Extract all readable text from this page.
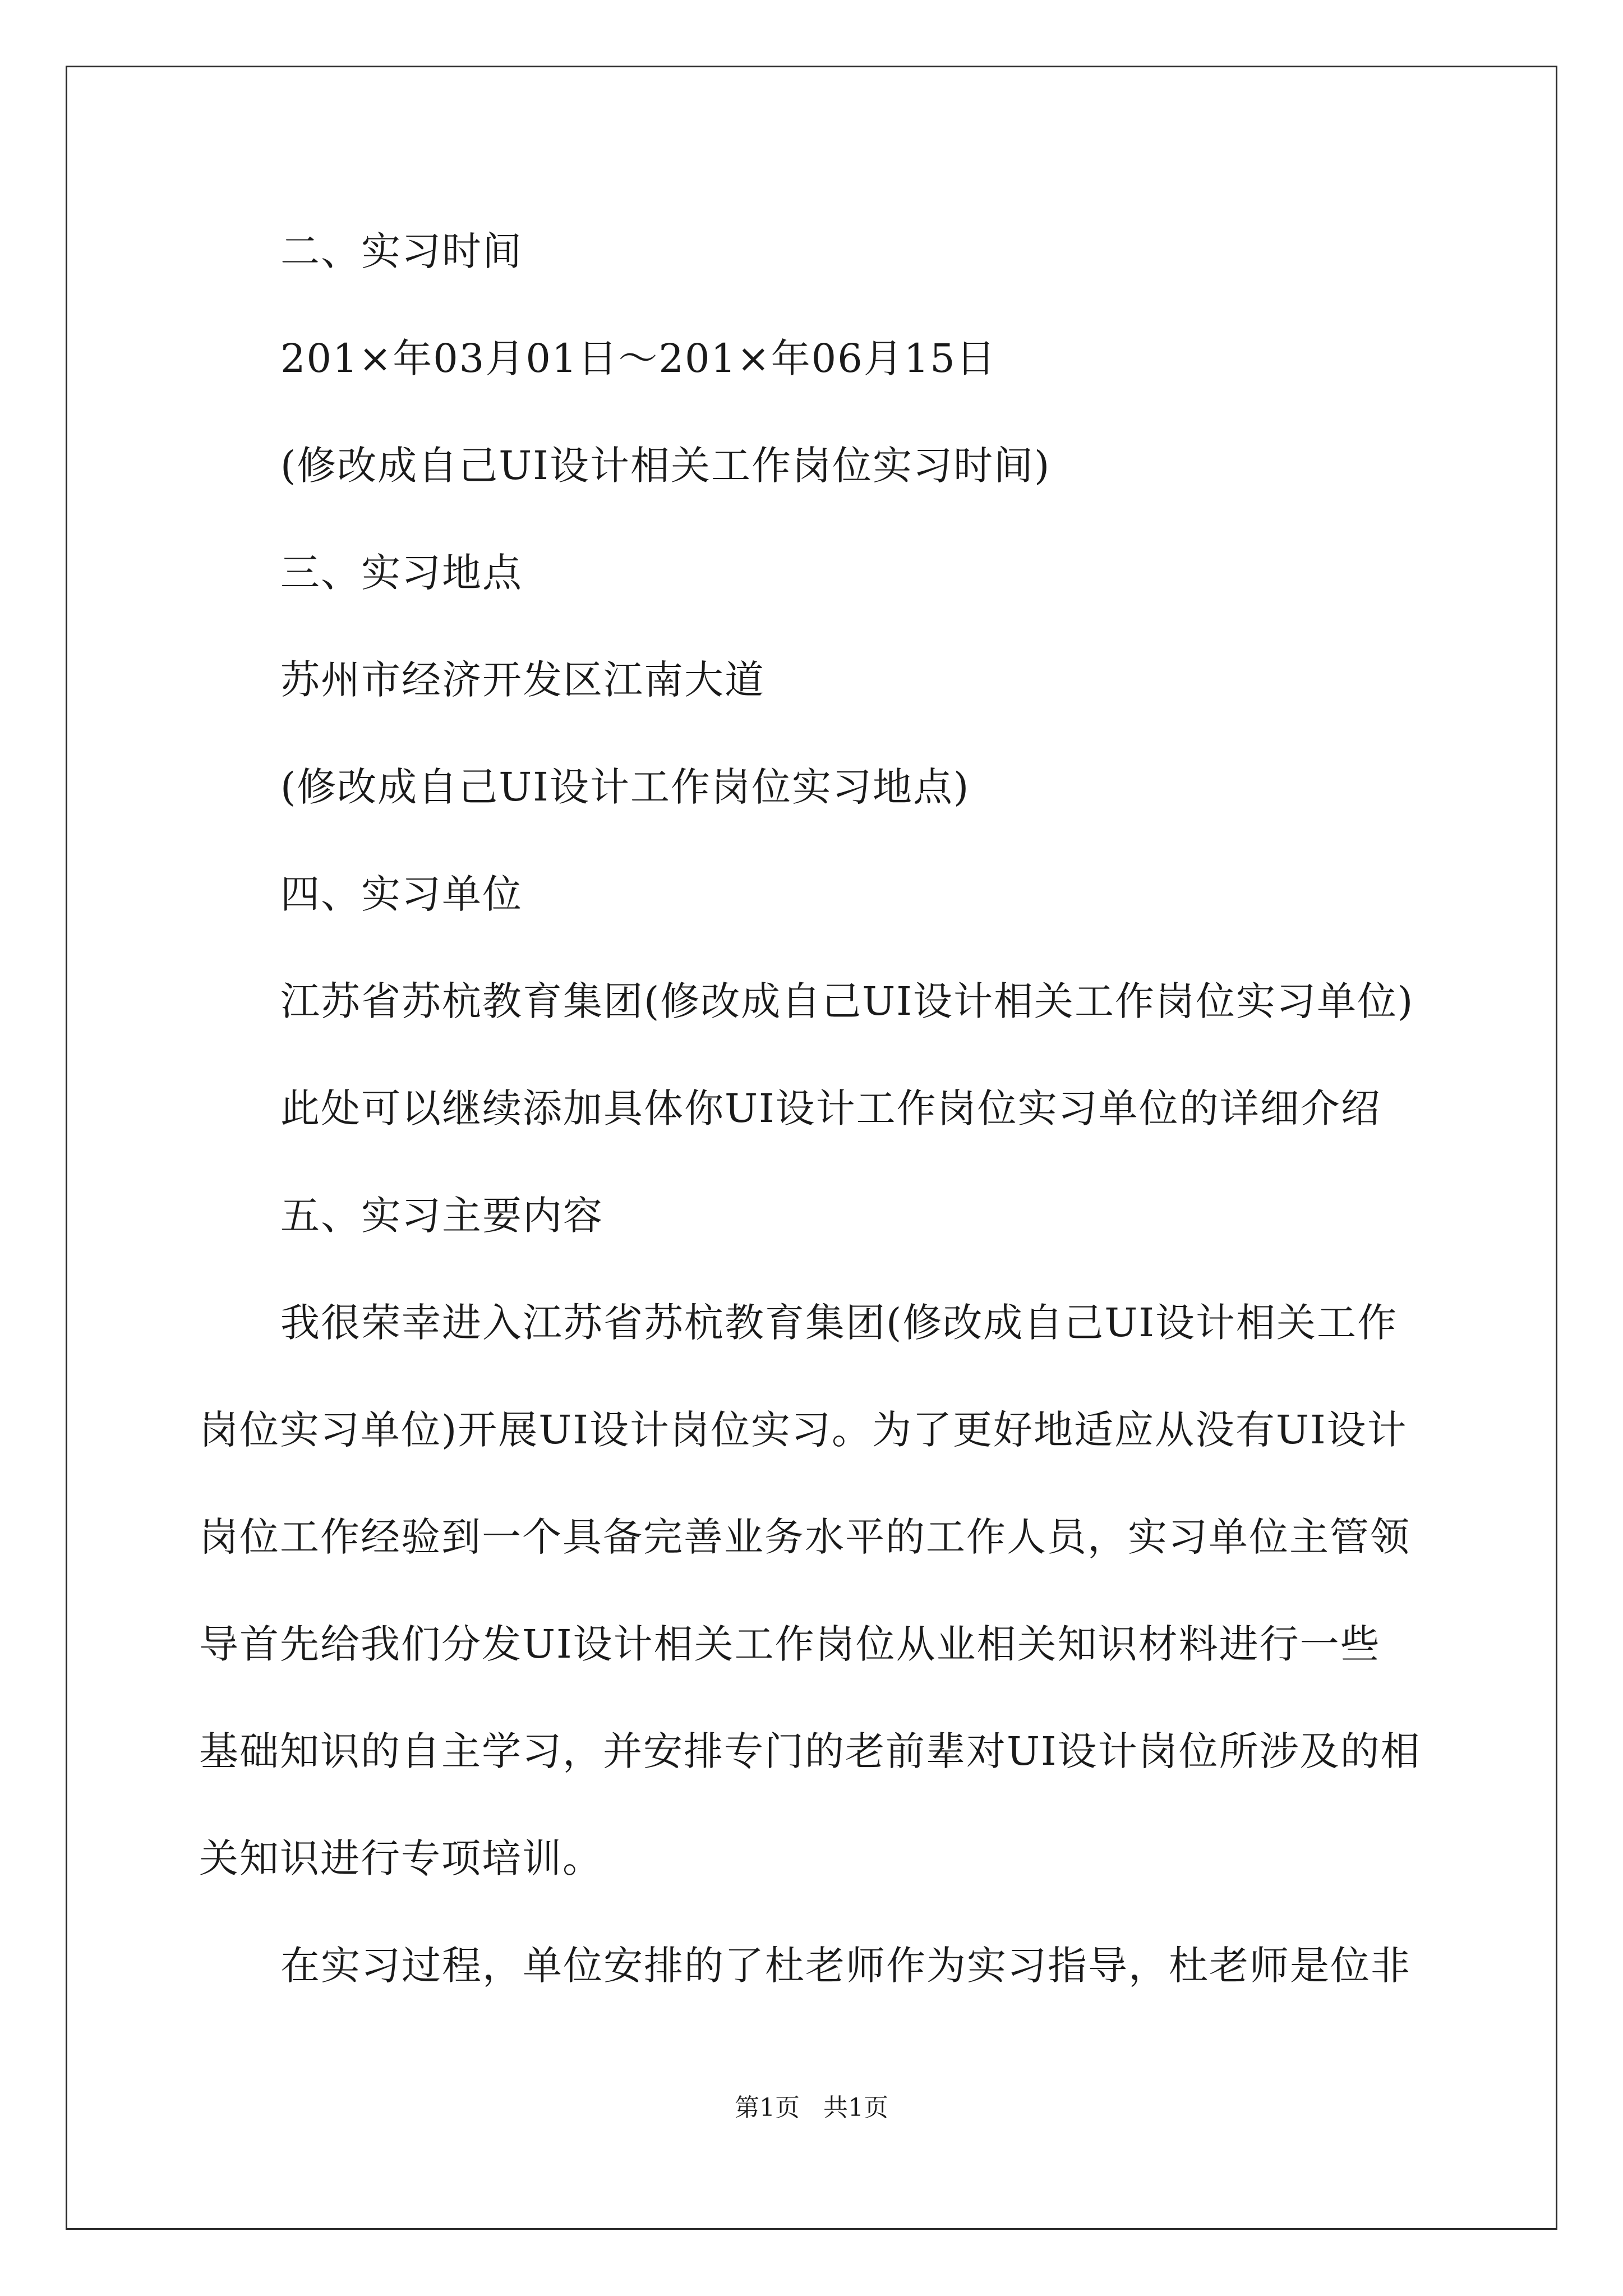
二、实习时间
201×年03月01日～201×年06月15日
(修改成自己UI设计相关工作岗位实习时间)
三、实习地点
苏州市经济开发区江南大道
(修改成自己UI设计工作岗位实习地点)
四、实习单位
江苏省苏杭教育集团(修改成自己UI设计相关工作岗位实习单位)
此处可以继续添加具体你UI设计工作岗位实习单位的详细介绍
五、实习主要内容
我很荣幸进入江苏省苏杭教育集团(修改成自己UI设计相关工作
岗位实习单位)开展UI设计岗位实习。为了更好地适应从没有UI设计
岗位工作经验到一个具备完善业务水平的工作人员，实习单位主管领
导首先给我们分发UI设计相关工作岗位从业相关知识材料进行一些
基础知识的自主学习，并安排专门的老前辈对UI设计岗位所涉及的相
关知识进行专项培训。
在实习过程，单位安排的了杜老师作为实习指导，杜老师是位非
第1页   共1页
